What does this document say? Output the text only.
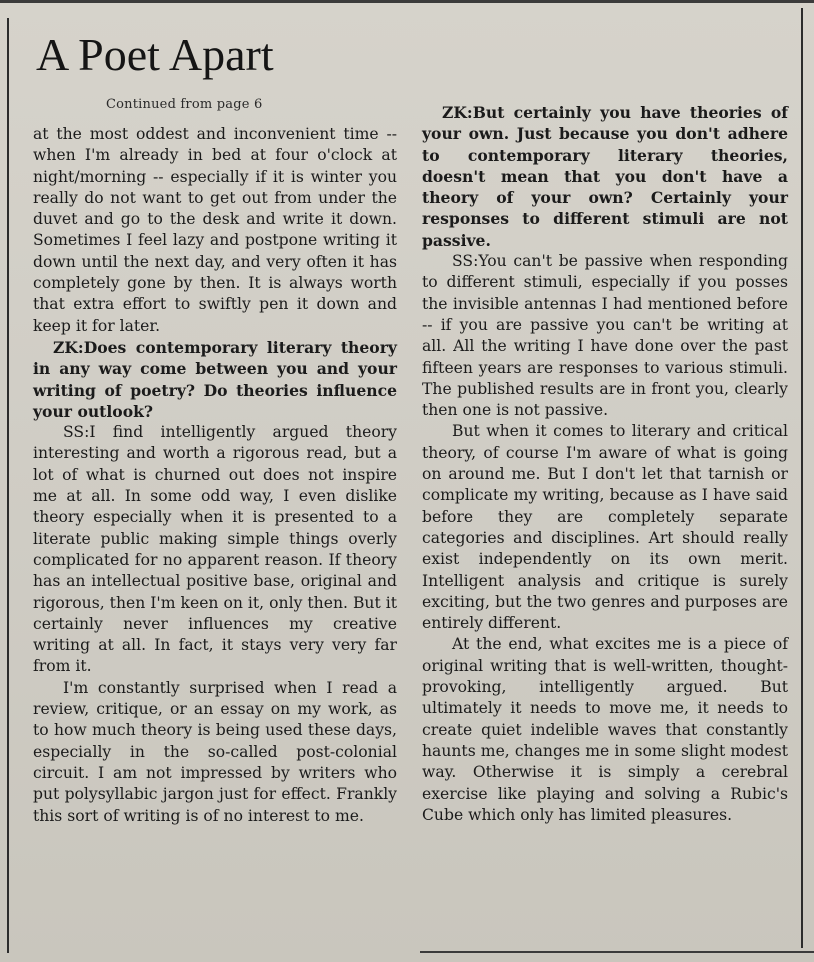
A Poet Apart
Continued from page 6

at the most oddest and inconvenient time -- when I'm already in bed at four o'clock at night/morning -- especially if it is winter you really do not want to get out from under the duvet and go to the desk and write it down. Sometimes I feel lazy and postpone writing it down until the next day, and very often it has completely gone by then. It is always worth that extra effort to swiftly pen it down and keep it for later.

ZK:Does contemporary literary theory in any way come between you and your writing of poetry? Do theories influence your outlook?

SS:I find intelligently argued theory interesting and worth a rigorous read, but a lot of what is churned out does not inspire me at all. In some odd way, I even dislike theory especially when it is presented to a literate public making simple things overly complicated for no apparent reason. If theory has an intellectual positive base, original and rigorous, then I'm keen on it, only then. But it certainly never influences my creative writing at all. In fact, it stays very very far from it.

I'm constantly surprised when I read a review, critique, or an essay on my work, as to how much theory is being used these days, especially in the so-called post-colonial circuit. I am not impressed by writers who put polysyllabic jargon just for effect. Frankly this sort of writing is of no interest to me.

ZK:But certainly you have theories of your own. Just because you don't adhere to contemporary literary theories, doesn't mean that you don't have a theory of your own? Certainly your responses to different stimuli are not passive.

SS:You can't be passive when responding to different stimuli, especially if you posses the invisible antennas I had mentioned before -- if you are passive you can't be writing at all. All the writing I have done over the past fifteen years are responses to various stimuli. The published results are in front you, clearly then one is not passive.

But when it comes to literary and critical theory, of course I'm aware of what is going on around me. But I don't let that tarnish or complicate my writing, because as I have said before they are completely separate categories and disciplines. Art should really exist independently on its own merit. Intelligent analysis and critique is surely exciting, but the two genres and purposes are entirely different.

At the end, what excites me is a piece of original writing that is well-written, thought-provoking, intelligently argued. But ultimately it needs to move me, it needs to create quiet indelible waves that constantly haunts me, changes me in some slight modest way. Otherwise it is simply a cerebral exercise like playing and solving a Rubic's Cube which only has limited pleasures.
